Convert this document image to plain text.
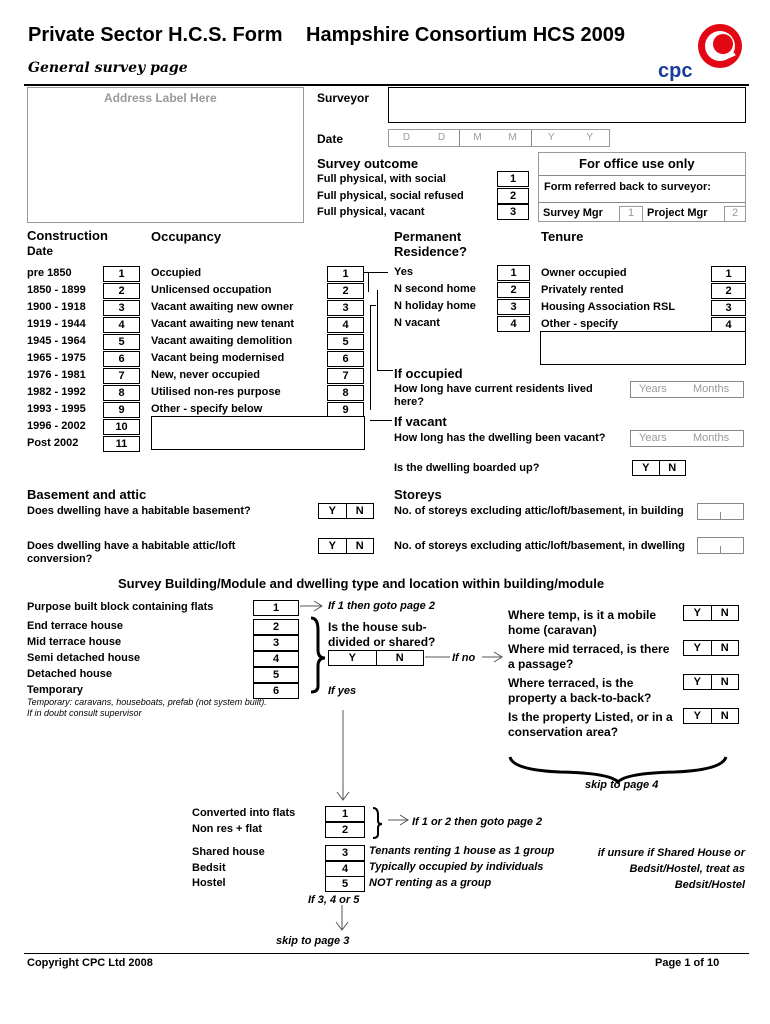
Private Sector H.C.S. Form Hampshire Consortium HCS 2009
General survey page	cpc
Address Label Here	Surveyor
Date	D	D	M	M	Y	Y
Survey outcome
Full physical, with social	1
Full physical, social refused	2
Full physical, vacant	3
For office use only
Form referred back to surveyor:
Survey Mgr	1	Project Mgr	2
Construction
Date
pre 1850	1
1850 - 1899	2
1900 - 1918	3
1919 - 1944	4
1945 - 1964	5
1965 - 1975	6
1976 - 1981	7
1982 - 1992	8
1993 - 1995	9
1996 - 2002	10
Post 2002	11
Occupancy
Occupied	1
Unlicensed occupation	2
Vacant awaiting new owner	3
Vacant awaiting new tenant	4
Vacant awaiting demolition	5
Vacant being modernised	6
New, never occupied	7
Utilised non-res purpose	8
Other - specify below	9
Permanent
Residence?
Yes	1
N second home	2
N holiday home	3
N vacant	4
Tenure
Owner occupied	1
Privately rented	2
Housing Association RSL	3
Other - specify	4
If occupied
How long have current residents lived here?
Years Months
If vacant
How long has the dwelling been vacant?	Years Months
Is the dwelling boarded up?	Y	N
Basement and attic
Does dwelling have a habitable basement?	Y	N
Does dwelling have a habitable attic/loft conversion?
Y	N
Storeys
No. of storeys excluding attic/loft/basement, in building
No. of storeys excluding attic/loft/basement, in dwelling
Survey Building/Module and dwelling type and location within building/module
Purpose built block containing flats	1
End terrace house	2
Mid terrace house	3
Semi detached house	4
Detached house	5
Temporary	6
Temporary: caravans, houseboats, prefab (not system built). If in doubt consult supervisor
If 1 then goto page 2
Is the house sub-divided or shared?
Y	N	If no
If yes
Where temp, is it a mobile home (caravan)
Y	N
Where mid terraced, is there a passage?
Y	N
Where terraced, is the property a back-to-back?
Y	N
Is the property Listed, or in a conservation area?
Y	N
skip to page 4
Converted into flats	1
Non res + flat	2
Shared house	3
Bedsit	4
Hostel	5
If 1 or 2 then goto page 2
Tenants renting 1 house as 1 group
Typically occupied by individuals
NOT renting as a group
if unsure if Shared House or Bedsit/Hostel, treat as Bedsit/Hostel
If 3, 4 or 5
skip to page 3
Copyright CPC Ltd 2008	Page 1 of 10
